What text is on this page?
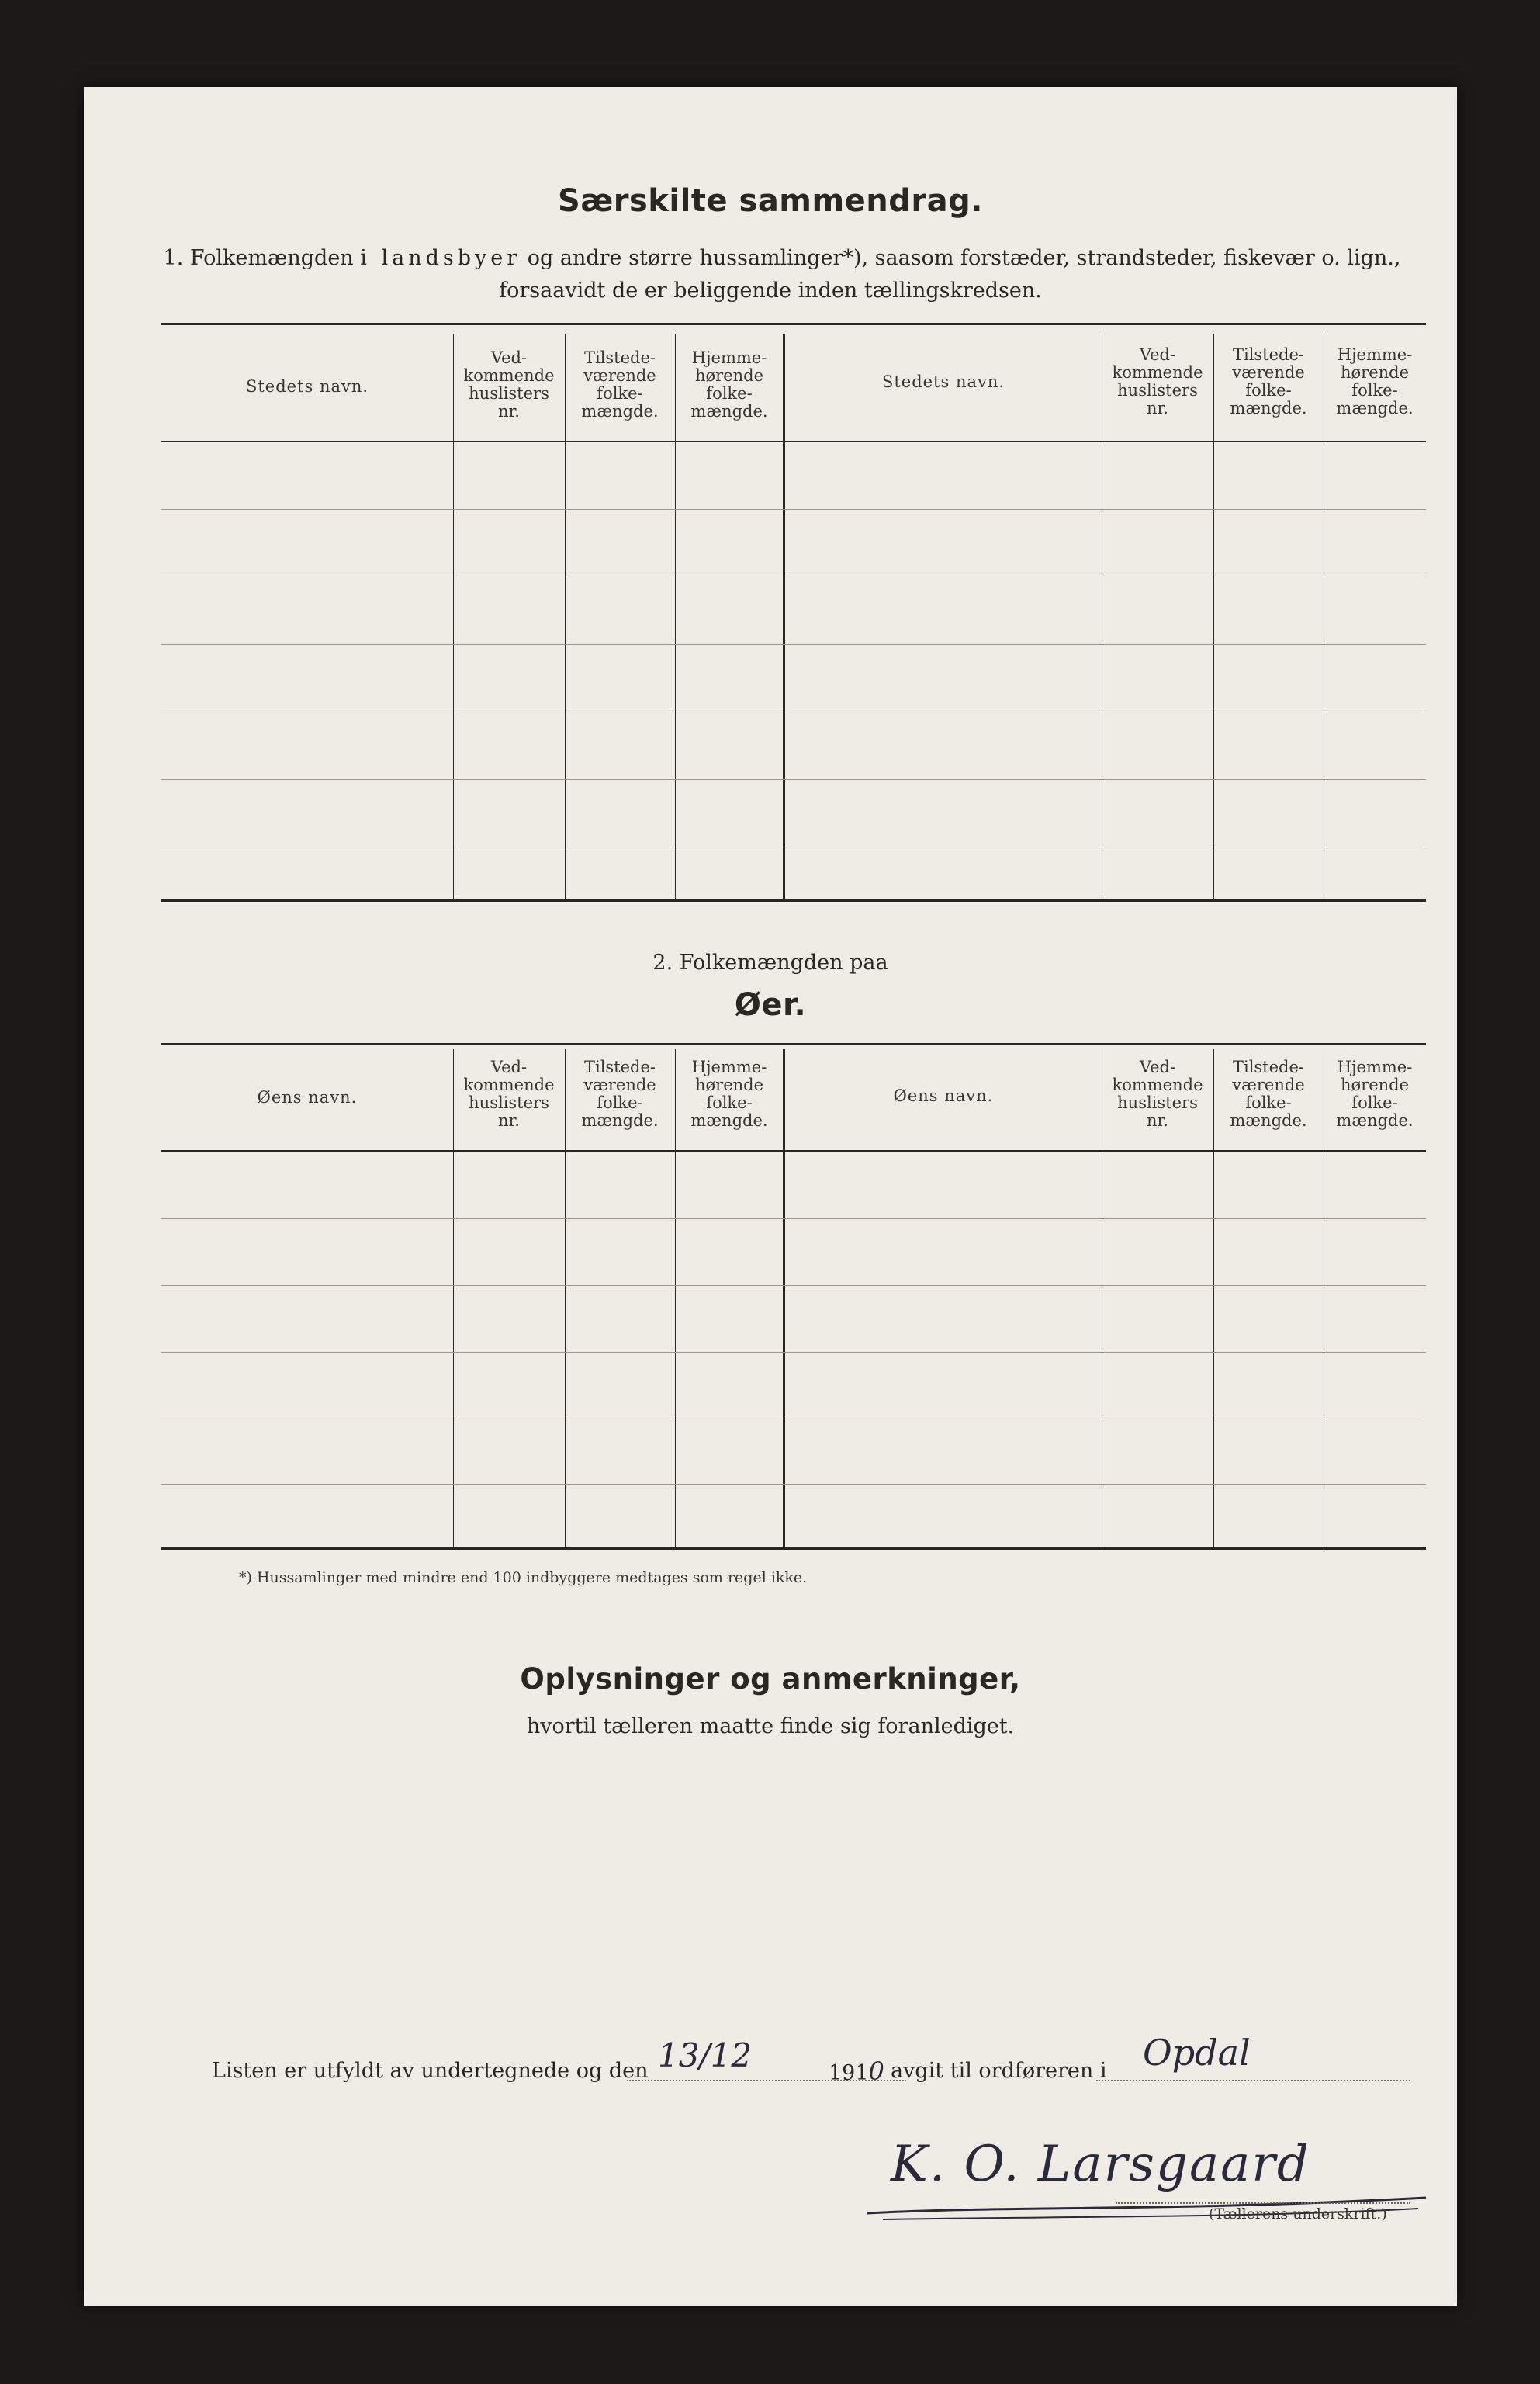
Særskilte sammendrag.
1. Folkemængden i landsbyer og andre større hussamlinger*), saasom forstæder, strandsteder, fiskevær o. lign.,
forsaavidt de er beliggende inden tællingskredsen.
Stedets navn.
Ved-
kommende
huslisters
nr.
Tilstede-
værende
folke-
mængde.
Hjemme-
hørende
folke-
mængde.
Stedets navn.
Ved-
kommende
huslisters
nr.
Tilstede-
værende
folke-
mængde.
Hjemme-
hørende
folke-
mængde.
2. Folkemængden paa
Øer.
Øens navn.
Ved-
kommende
huslisters
nr.
Tilstede-
værende
folke-
mængde.
Hjemme-
hørende
folke-
mængde.
Øens navn.
Ved-
kommende
huslisters
nr.
Tilstede-
værende
folke-
mængde.
Hjemme-
hørende
folke-
mængde.
*) Hussamlinger med mindre end 100 indbyggere medtages som regel ikke.
Oplysninger og anmerkninger,
hvortil tælleren maatte finde sig foranlediget.
Listen er utfyldt av undertegnede og den 13/12	1910 avgit til ordføreren i Opdal
K. O. Larsgaard
(Tællerens underskrift.)
